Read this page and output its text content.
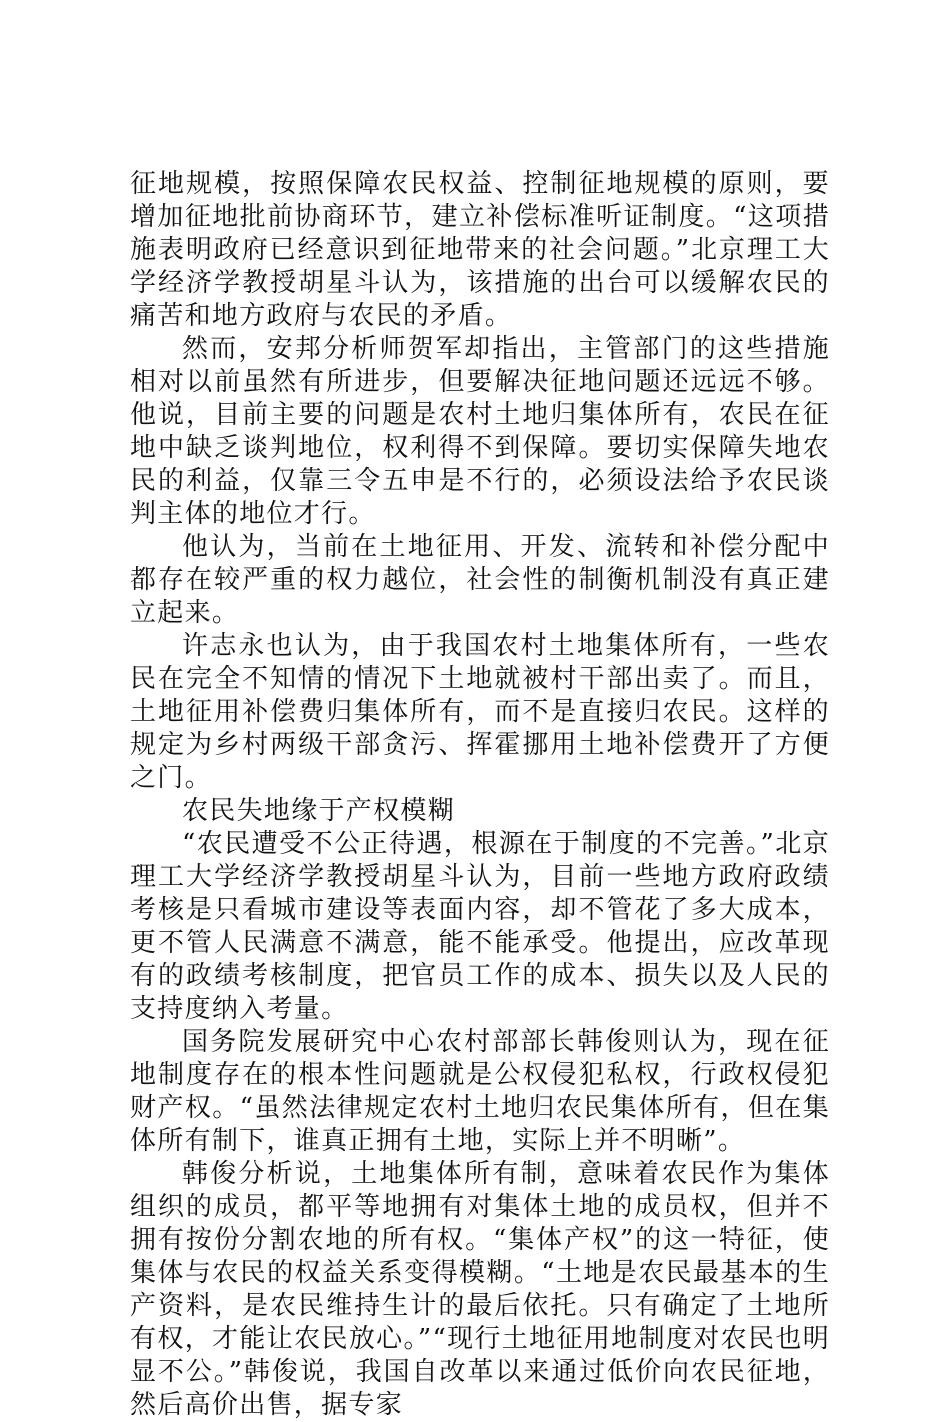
征地规模，按照保障农民权益、控制征地规模的原则，要增加征地批前协商环节，建立补偿标准听证制度。“这项措施表明政府已经意识到征地带来的社会问题。”北京理工大学经济学教授胡星斗认为，该措施的出台可以缓解农民的痛苦和地方政府与农民的矛盾。

然而，安邦分析师贺军却指出，主管部门的这些措施相对以前虽然有所进步，但要解决征地问题还远远不够。他说，目前主要的问题是农村土地归集体所有，农民在征地中缺乏谈判地位，权利得不到保障。要切实保障失地农民的利益，仅靠三令五申是不行的，必须设法给予农民谈判主体的地位才行。

他认为，当前在土地征用、开发、流转和补偿分配中都存在较严重的权力越位，社会性的制衡机制没有真正建立起来。

许志永也认为，由于我国农村土地集体所有，一些农民在完全不知情的情况下土地就被村干部出卖了。而且，土地征用补偿费归集体所有，而不是直接归农民。这样的规定为乡村两级干部贪污、挥霍挪用土地补偿费开了方便之门。

农民失地缘于产权模糊

“农民遭受不公正待遇，根源在于制度的不完善。”北京理工大学经济学教授胡星斗认为，目前一些地方政府政绩考核是只看城市建设等表面内容，却不管花了多大成本，更不管人民满意不满意，能不能承受。他提出，应改革现有的政绩考核制度，把官员工作的成本、损失以及人民的支持度纳入考量。

国务院发展研究中心农村部部长韩俊则认为，现在征地制度存在的根本性问题就是公权侵犯私权，行政权侵犯财产权。“虽然法律规定农村土地归农民集体所有，但在集体所有制下，谁真正拥有土地，实际上并不明晰”。

韩俊分析说，土地集体所有制，意味着农民作为集体组织的成员，都平等地拥有对集体土地的成员权，但并不拥有按份分割农地的所有权。“集体产权”的这一特征，使集体与农民的权益关系变得模糊。“土地是农民最基本的生产资料，是农民维持生计的最后依托。只有确定了土地所有权，才能让农民放心。”“现行土地征用地制度对农民也明显不公。”韩俊说，我国自改革以来通过低价向农民征地，然后高价出售，据专家
